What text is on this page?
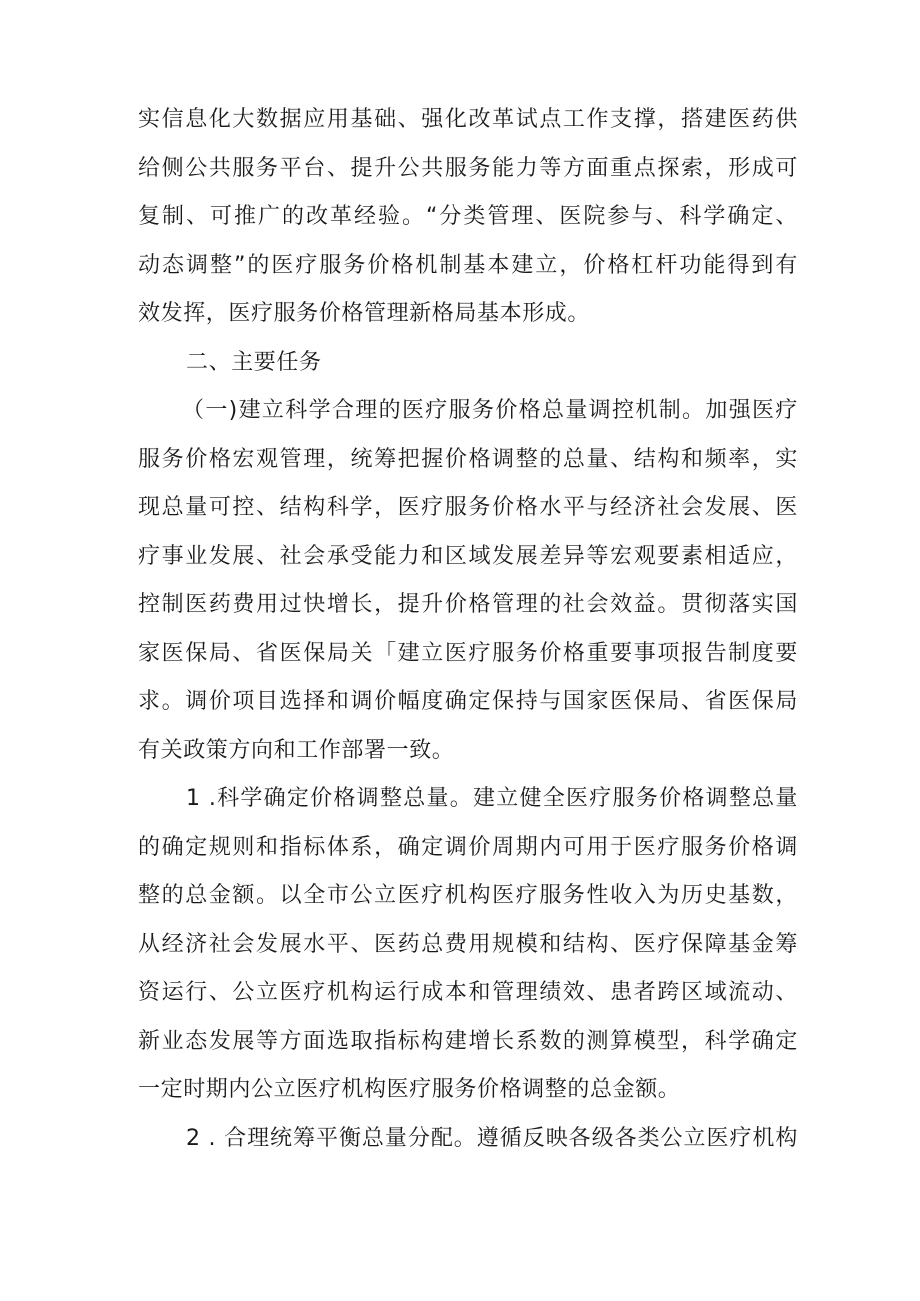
实信息化大数据应用基础、强化改革试点工作支撑，搭建医药供
给侧公共服务平台、提升公共服务能力等方面重点探索，形成可
复制、可推广的改革经验。“分类管理、医院参与、科学确定、
动态调整”的医疗服务价格机制基本建立，价格杠杆功能得到有
效发挥，医疗服务价格管理新格局基本形成。

二、主要任务

（一)建立科学合理的医疗服务价格总量调控机制。加强医疗
服务价格宏观管理，统筹把握价格调整的总量、结构和频率，实
现总量可控、结构科学，医疗服务价格水平与经济社会发展、医
疗事业发展、社会承受能力和区域发展差异等宏观要素相适应，
控制医药费用过快增长，提升价格管理的社会效益。贯彻落实国
家医保局、省医保局关「建立医疗服务价格重要事项报告制度要
求。调价项目选择和调价幅度确定保持与国家医保局、省医保局
有关政策方向和工作部署一致。

1 .科学确定价格调整总量。建立健全医疗服务价格调整总量
的确定规则和指标体系，确定调价周期内可用于医疗服务价格调
整的总金额。以全市公立医疗机构医疗服务性收入为历史基数，
从经济社会发展水平、医药总费用规模和结构、医疗保障基金筹
资运行、公立医疗机构运行成本和管理绩效、患者跨区域流动、
新业态发展等方面选取指标构建增长系数的测算模型，科学确定
一定时期内公立医疗机构医疗服务价格调整的总金额。

2 . 合理统筹平衡总量分配。遵循反映各级各类公立医疗机构
